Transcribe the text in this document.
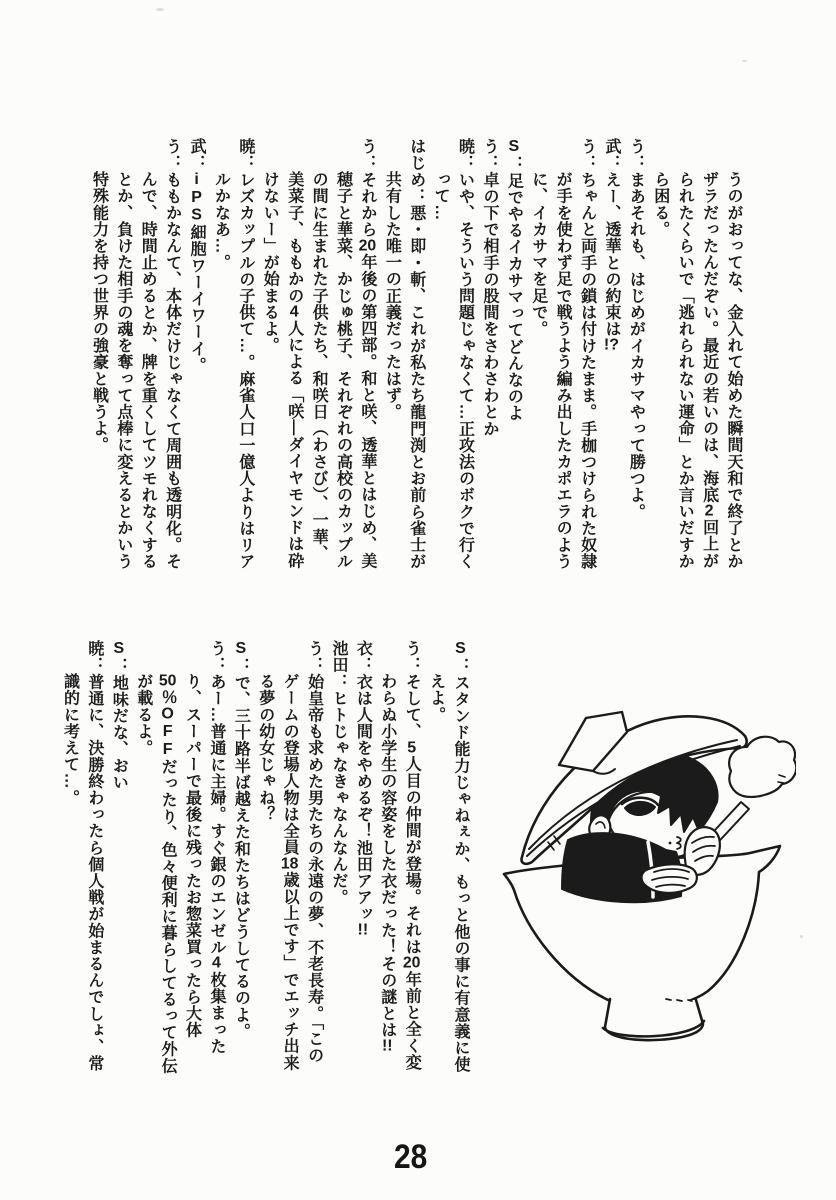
うのがおってな、金入れて始めた瞬間天和で終了とかザラだったんだぞい。最近の若いのは、海底2回上がられたくらいで「逃れられない運命」とか言いだすから困る。

う：まあそれも、はじめがイカサマやって勝つよ。

武：えー、透華との約束は!?

う：ちゃんと両手の鎖は付けたまま。手枷つけられた奴隷が手を使わず足で戦うよう編み出したカポエラのように、イカサマを足で。

S：足でやるイカサマってどんなのよ

う：卓の下で相手の股間をさわさわとか

暁：いや、そういう問題じゃなくて…正攻法のボクで行くって…

はじめ：悪・即・斬、これが私たち龍門渕とお前ら雀士が共有した唯一の正義だったはず。

う：それから20年後の第四部。和と咲、透華とはじめ、美穂子と華菜、かじゅ桃子、それぞれの高校のカップルの間に生まれた子供たち、和咲日（わさび）、一華、美菜子、ももかの4人による「咲―ダイヤモンドは砕けないー」が始まるよ。

暁：レズカップルの子供て…。麻雀人口一億人よりはリアルかなあ…。

武：iPS細胞ワーイワーイ。

う：ももかなんて、本体だけじゃなくて周囲も透明化。そんで、時間止めるとか、牌を重くしてツモれなくするとか、負けた相手の魂を奪って点棒に変えるとかいう特殊能力を持つ世界の強豪と戦うよ。

S：スタンド能力じゃねぇか、もっと他の事に有意義に使えよ。

う：そして、5人目の仲間が登場。それは20年前と全く変わらぬ小学生の容姿をした衣だった！その謎とは!!

衣：衣は人間をやめるぞ！池田アアッ!!

池田：ヒトじゃなきゃなんなんだ。

う：始皇帝も求めた男たちの永遠の夢、不老長寿。「このゲームの登場人物は全員18歳以上です」でエッチ出来る夢の幼女じゃね？

S：で、三十路半ば越えた和たちはどうしてるのよ。

う：あー…普通に主婦。すぐ銀のエンゼル4枚集まったり、スーパーで最後に残ったお惣菜買ったら大体50％OFFだったり、色々便利に暮らしてるって外伝が載るよ。

S：地味だな、おい

暁：普通に、決勝終わったら個人戦が始まるんでしょ、常識的に考えて…。

28
